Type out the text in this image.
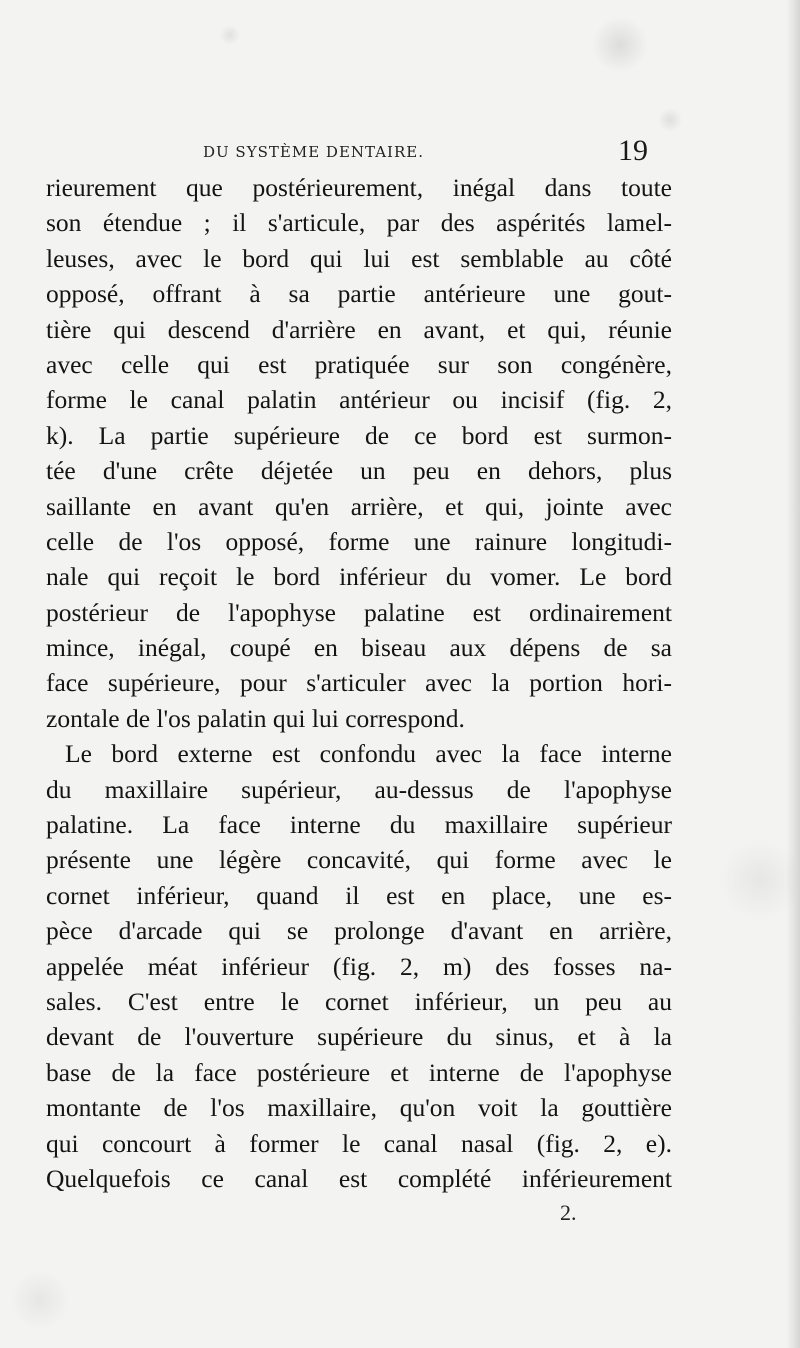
DU SYSTÈME DENTAIRE.	19
rieurement que postérieurement, inégal dans toute
son étendue ; il s'articule, par des aspérités lamel-
leuses, avec le bord qui lui est semblable au côté
opposé, offrant à sa partie antérieure une gout-
tière qui descend d'arrière en avant, et qui, réunie
avec celle qui est pratiquée sur son congénère,
forme le canal palatin antérieur ou incisif (fig. 2,
k). La partie supérieure de ce bord est surmon-
tée d'une crête déjetée un peu en dehors, plus
saillante en avant qu'en arrière, et qui, jointe avec
celle de l'os opposé, forme une rainure longitudi-
nale qui reçoit le bord inférieur du vomer. Le bord
postérieur de l'apophyse palatine est ordinairement
mince, inégal, coupé en biseau aux dépens de sa
face supérieure, pour s'articuler avec la portion hori-
zontale de l'os palatin qui lui correspond.
Le bord externe est confondu avec la face interne
du maxillaire supérieur, au-dessus de l'apophyse
palatine. La face interne du maxillaire supérieur
présente une légère concavité, qui forme avec le
cornet inférieur, quand il est en place, une es-
pèce d'arcade qui se prolonge d'avant en arrière,
appelée méat inférieur (fig. 2, m) des fosses na-
sales. C'est entre le cornet inférieur, un peu au
devant de l'ouverture supérieure du sinus, et à la
base de la face postérieure et interne de l'apophyse
montante de l'os maxillaire, qu'on voit la gouttière
qui concourt à former le canal nasal (fig. 2, e).
Quelquefois ce canal est complété inférieurement
2.
